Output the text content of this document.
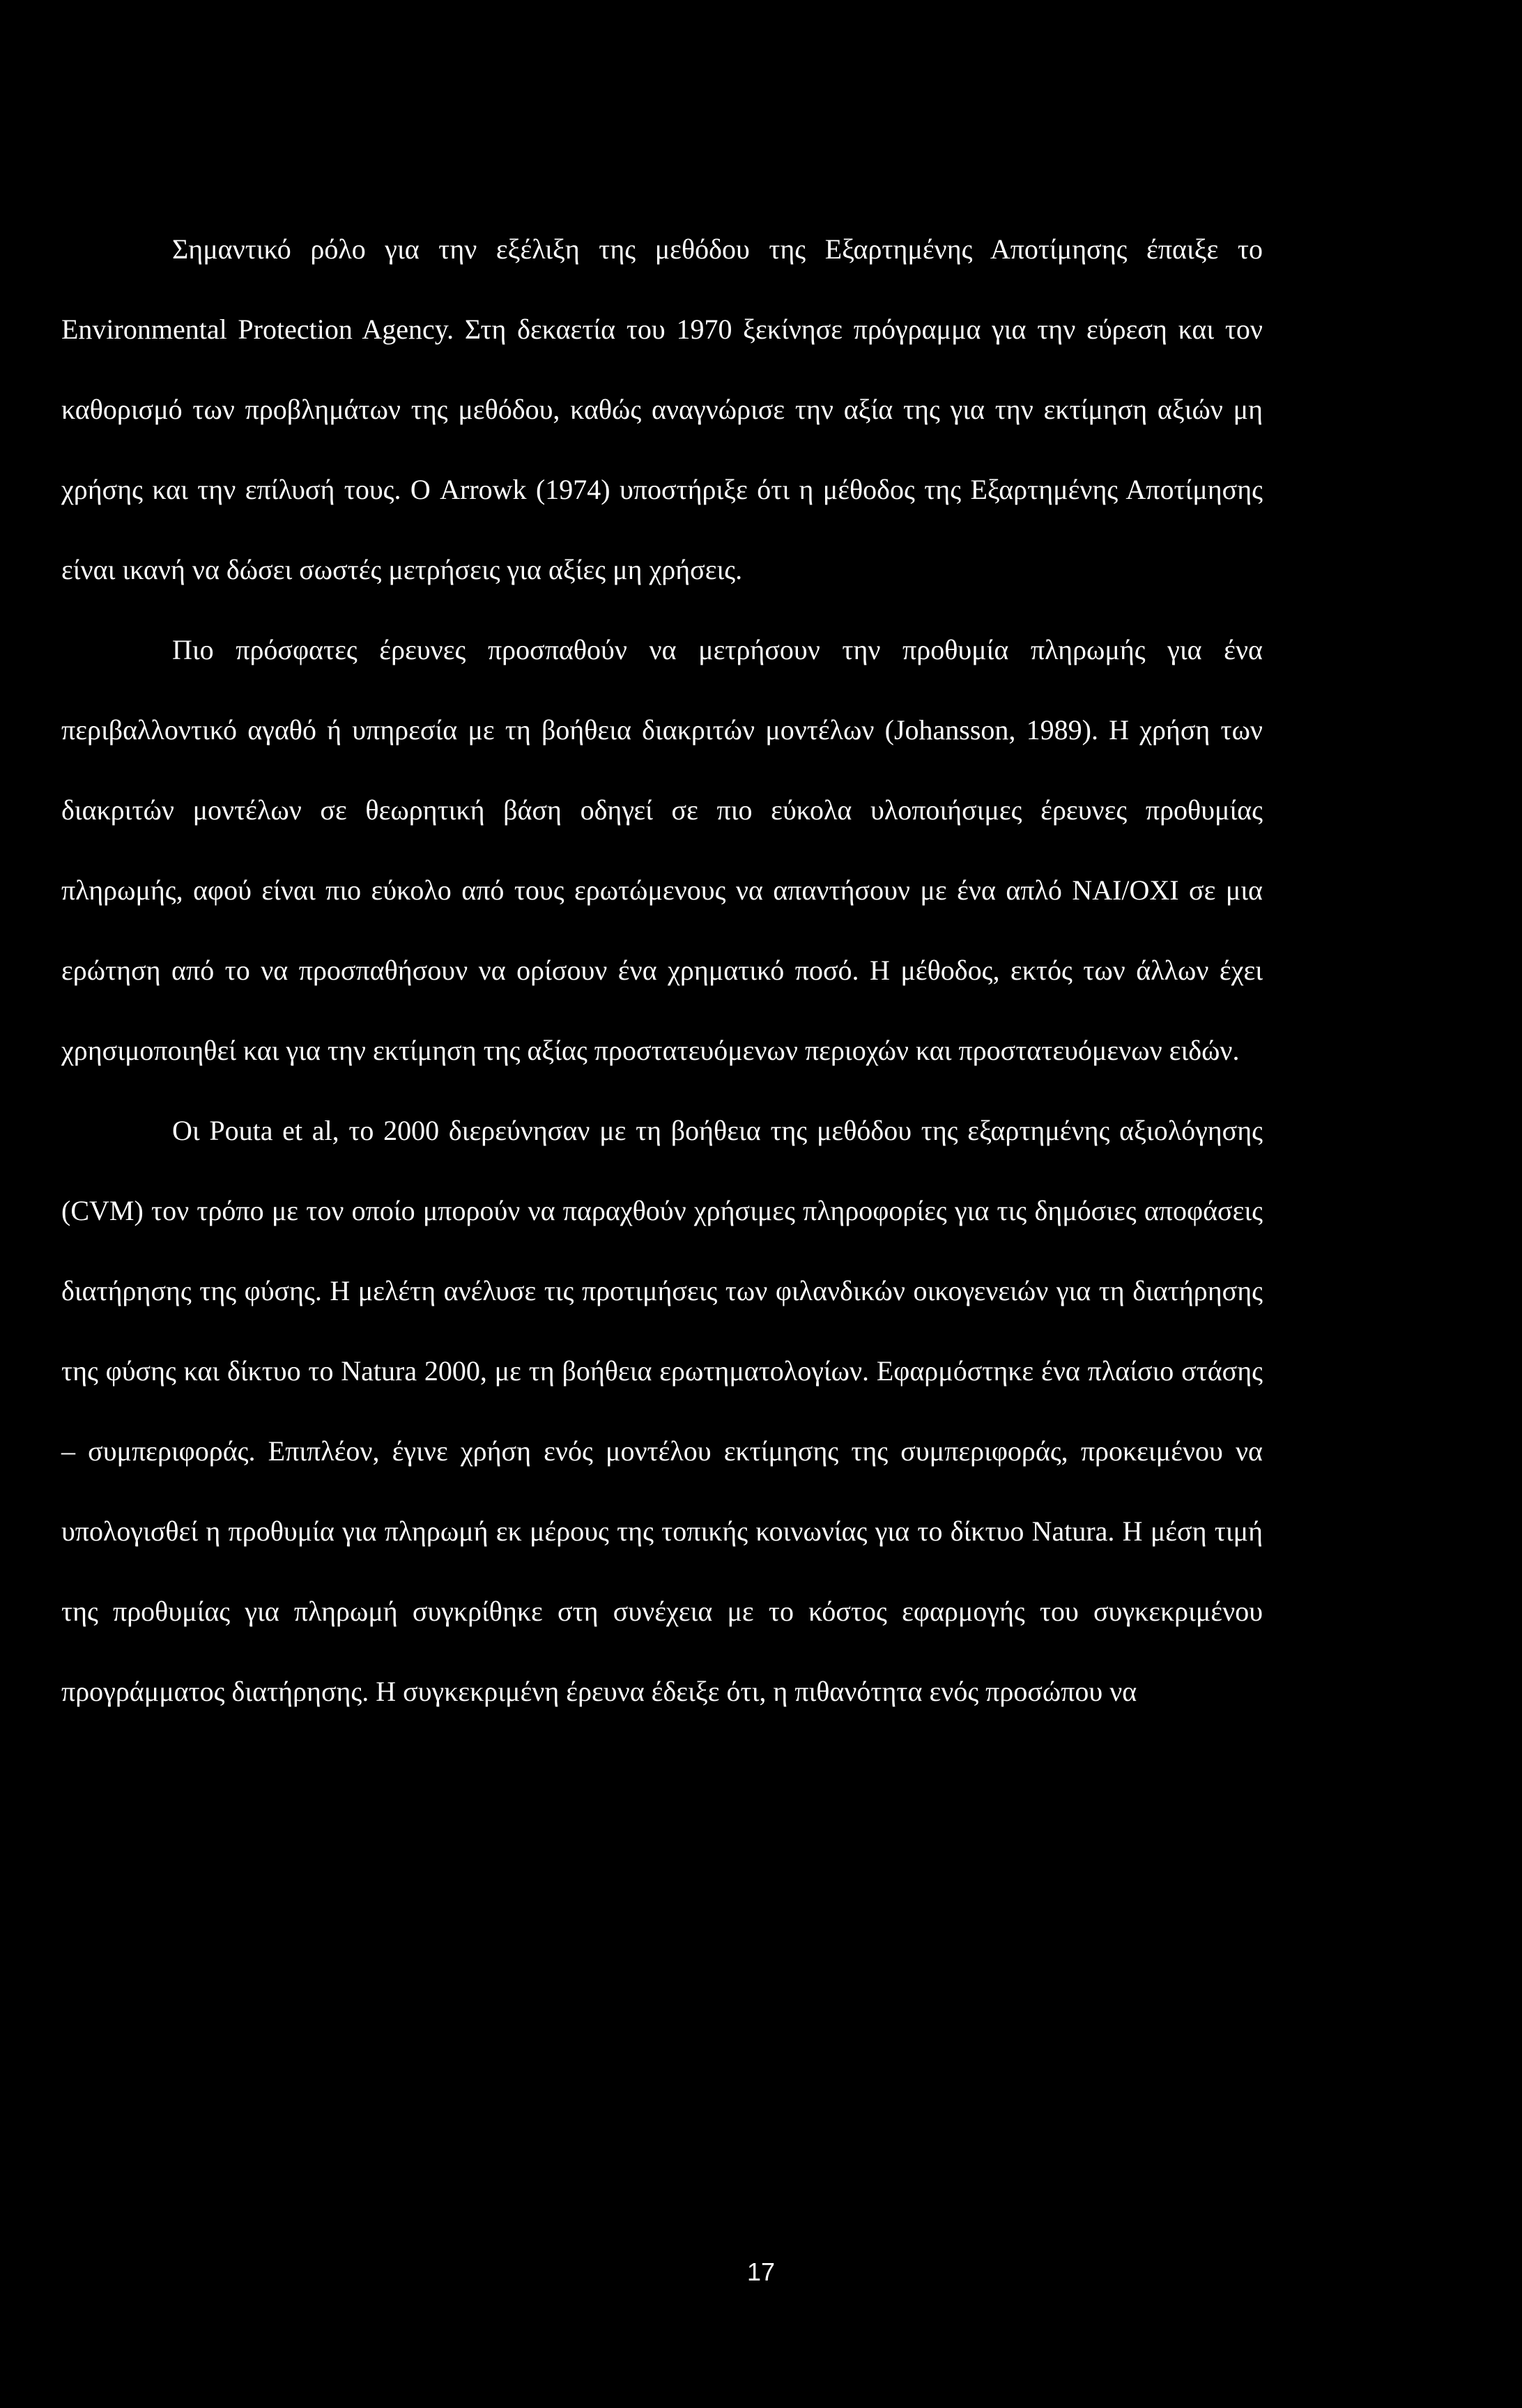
Σημαντικό ρόλο για την εξέλιξη της μεθόδου της Εξαρτημένης Αποτίμησης έπαιξε το Environmental Protection Agency. Στη δεκαετία του 1970 ξεκίνησε πρόγραμμα για την εύρεση και τον καθορισμό των προβλημάτων της μεθόδου, καθώς αναγνώρισε την αξία της για την εκτίμηση αξιών μη χρήσης και την επίλυσή τους. Ο Arrowk (1974) υποστήριξε ότι η μέθοδος της Εξαρτημένης Αποτίμησης είναι ικανή να δώσει σωστές μετρήσεις για αξίες μη χρήσεις.

Πιο πρόσφατες έρευνες προσπαθούν να μετρήσουν την προθυμία πληρωμής για ένα περιβαλλοντικό αγαθό ή υπηρεσία με τη βοήθεια διακριτών μοντέλων (Johansson, 1989). Η χρήση των διακριτών μοντέλων σε θεωρητική βάση οδηγεί σε πιο εύκολα υλοποιήσιμες έρευνες προθυμίας πληρωμής, αφού είναι πιο εύκολο από τους ερωτώμενους να απαντήσουν με ένα απλό ΝΑΙ/ΟΧΙ σε μια ερώτηση από το να προσπαθήσουν να ορίσουν ένα χρηματικό ποσό. Η μέθοδος, εκτός των άλλων έχει χρησιμοποιηθεί και για την εκτίμηση της αξίας προστατευόμενων περιοχών και προστατευόμενων ειδών.

Οι Pouta et al, το 2000 διερεύνησαν με τη βοήθεια της μεθόδου της εξαρτημένης αξιολόγησης (CVM) τον τρόπο με τον οποίο μπορούν να παραχθούν χρήσιμες πληροφορίες για τις δημόσιες αποφάσεις διατήρησης της φύσης. Η μελέτη ανέλυσε τις προτιμήσεις των φιλανδικών οικογενειών για τη διατήρησης της φύσης και δίκτυο το Natura 2000, με τη βοήθεια ερωτηματολογίων. Εφαρμόστηκε ένα πλαίσιο στάσης – συμπεριφοράς. Επιπλέον, έγινε χρήση ενός μοντέλου εκτίμησης της συμπεριφοράς, προκειμένου να υπολογισθεί η προθυμία για πληρωμή εκ μέρους της τοπικής κοινωνίας για το δίκτυο Natura. Η μέση τιμή της προθυμίας για πληρωμή συγκρίθηκε στη συνέχεια με το κόστος εφαρμογής του συγκεκριμένου προγράμματος διατήρησης. Η συγκεκριμένη έρευνα έδειξε ότι, η πιθανότητα ενός προσώπου να

17
